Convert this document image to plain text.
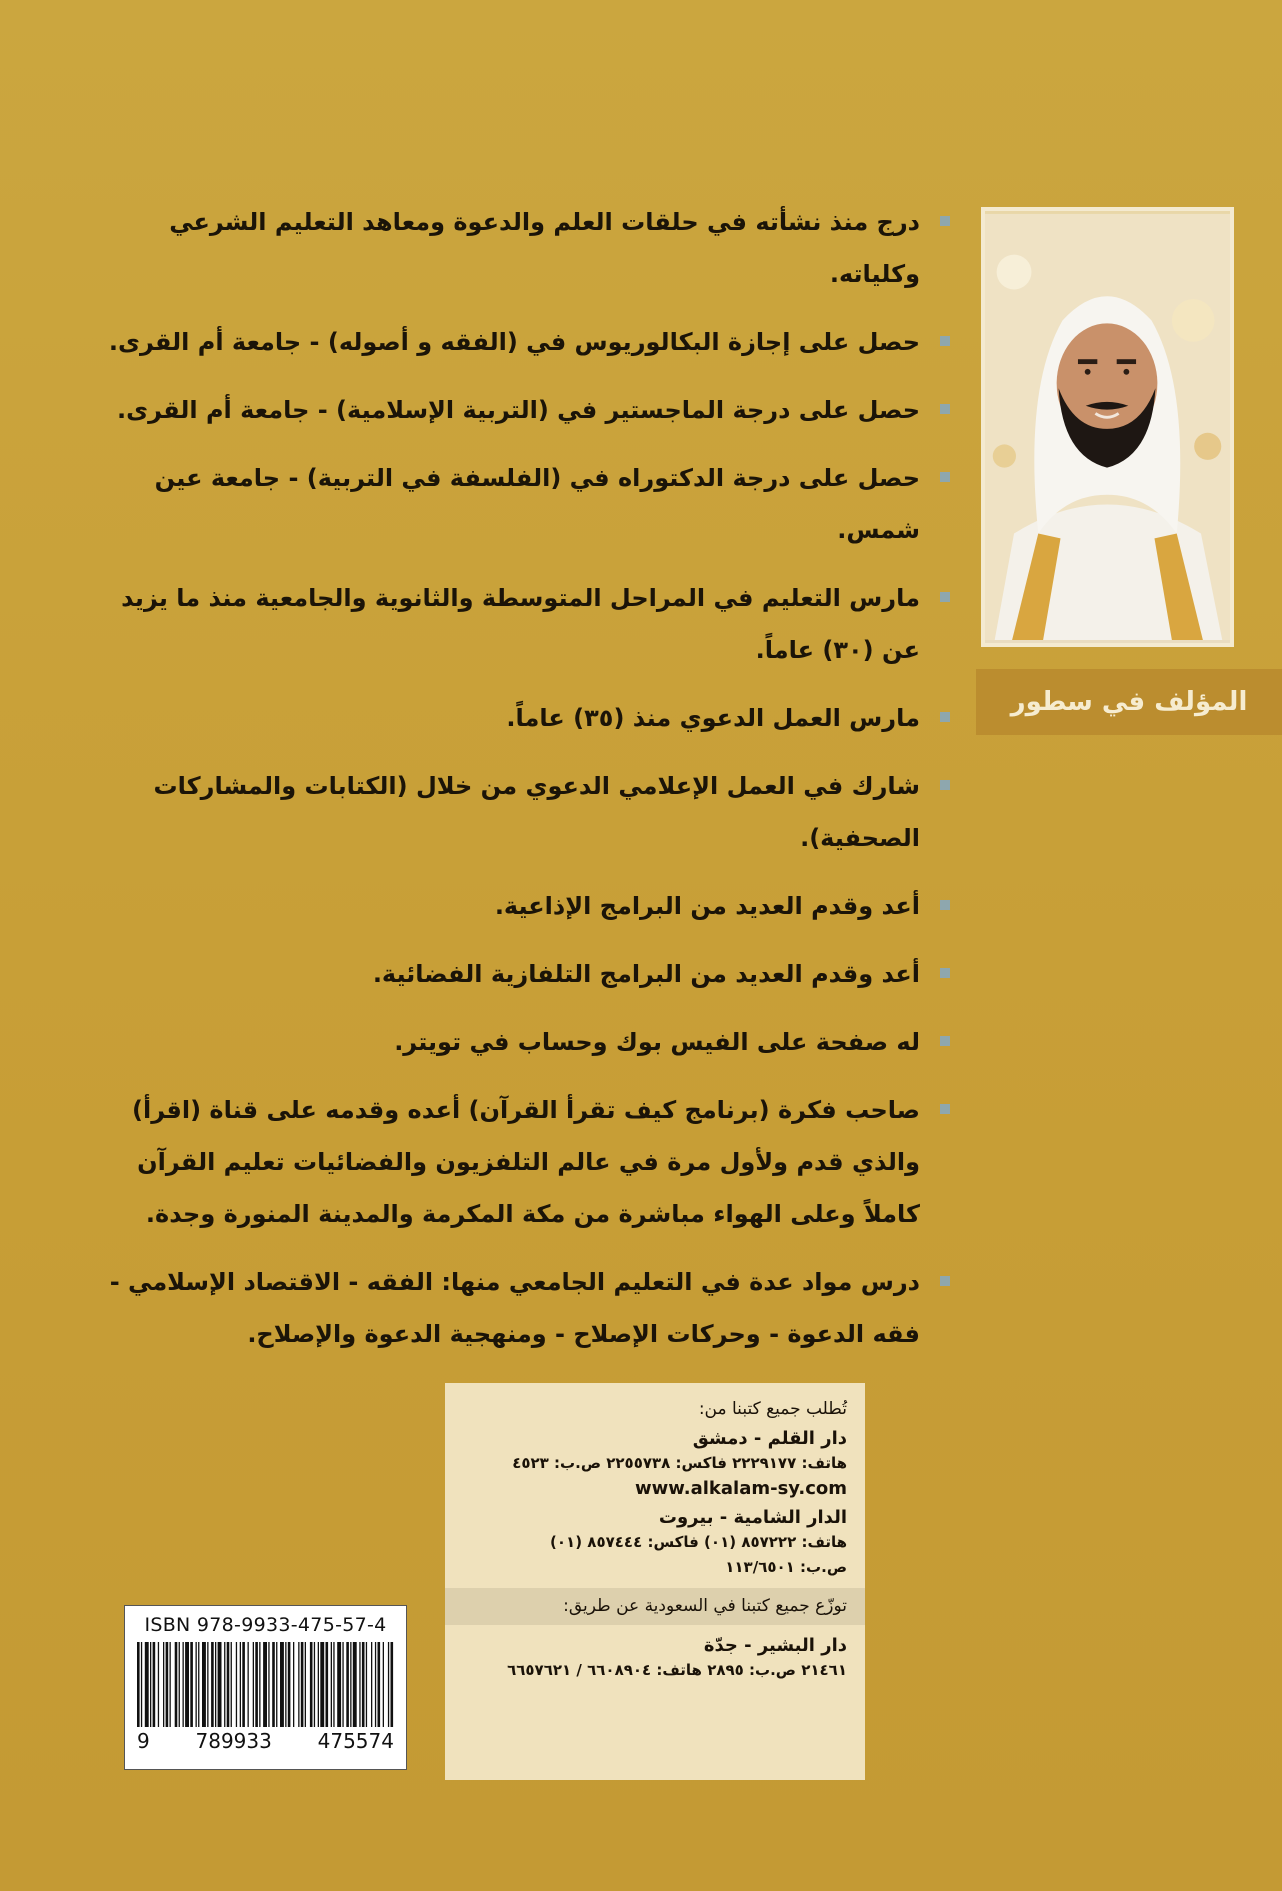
المؤلف في سطور
درج منذ نشأته في حلقات العلم والدعوة ومعاهد التعليم الشرعي وكلياته.
حصل على إجازة البكالوريوس في (الفقه و أصوله) - جامعة أم القرى.
حصل على درجة الماجستير في (التربية الإسلامية) - جامعة أم القرى.
حصل على درجة الدكتوراه في (الفلسفة في التربية) - جامعة عين شمس.
مارس التعليم في المراحل المتوسطة والثانوية والجامعية منذ ما يزيد عن (٣٠) عاماً.
مارس العمل الدعوي منذ (٣٥) عاماً.
شارك في العمل الإعلامي الدعوي من خلال (الكتابات والمشاركات الصحفية).
أعد وقدم العديد من البرامج الإذاعية.
أعد وقدم العديد من البرامج التلفازية الفضائية.
له صفحة على الفيس بوك وحساب في تويتر.
صاحب فكرة (برنامج كيف تقرأ القرآن) أعده وقدمه على قناة (اقرأ) والذي قدم ولأول مرة في عالم التلفزيون والفضائيات تعليم القرآن كاملاً وعلى الهواء مباشرة من مكة المكرمة والمدينة المنورة وجدة.
درس مواد عدة في التعليم الجامعي منها: الفقه - الاقتصاد الإسلامي - فقه الدعوة - وحركات الإصلاح - ومنهجية الدعوة والإصلاح.
تُطلب جميع كتبنا من:
دار القلم - دمشق
هاتف: ٢٢٢٩١٧٧ فاكس: ٢٢٥٥٧٣٨ ص.ب: ٤٥٢٣
www.alkalam-sy.com
الدار الشامية - بيروت
هاتف: ٨٥٧٢٢٢ (٠١) فاكس: ٨٥٧٤٤٤ (٠١)
ص.ب: ١١٣/٦٥٠١
توزّع جميع كتبنا في السعودية عن طريق:
دار البشير - جدّة
٢١٤٦١ ص.ب: ٢٨٩٥ هاتف: ٦٦٠٨٩٠٤ / ٦٦٥٧٦٢١
ISBN 978-9933-475-57-4
9 789933 475574
